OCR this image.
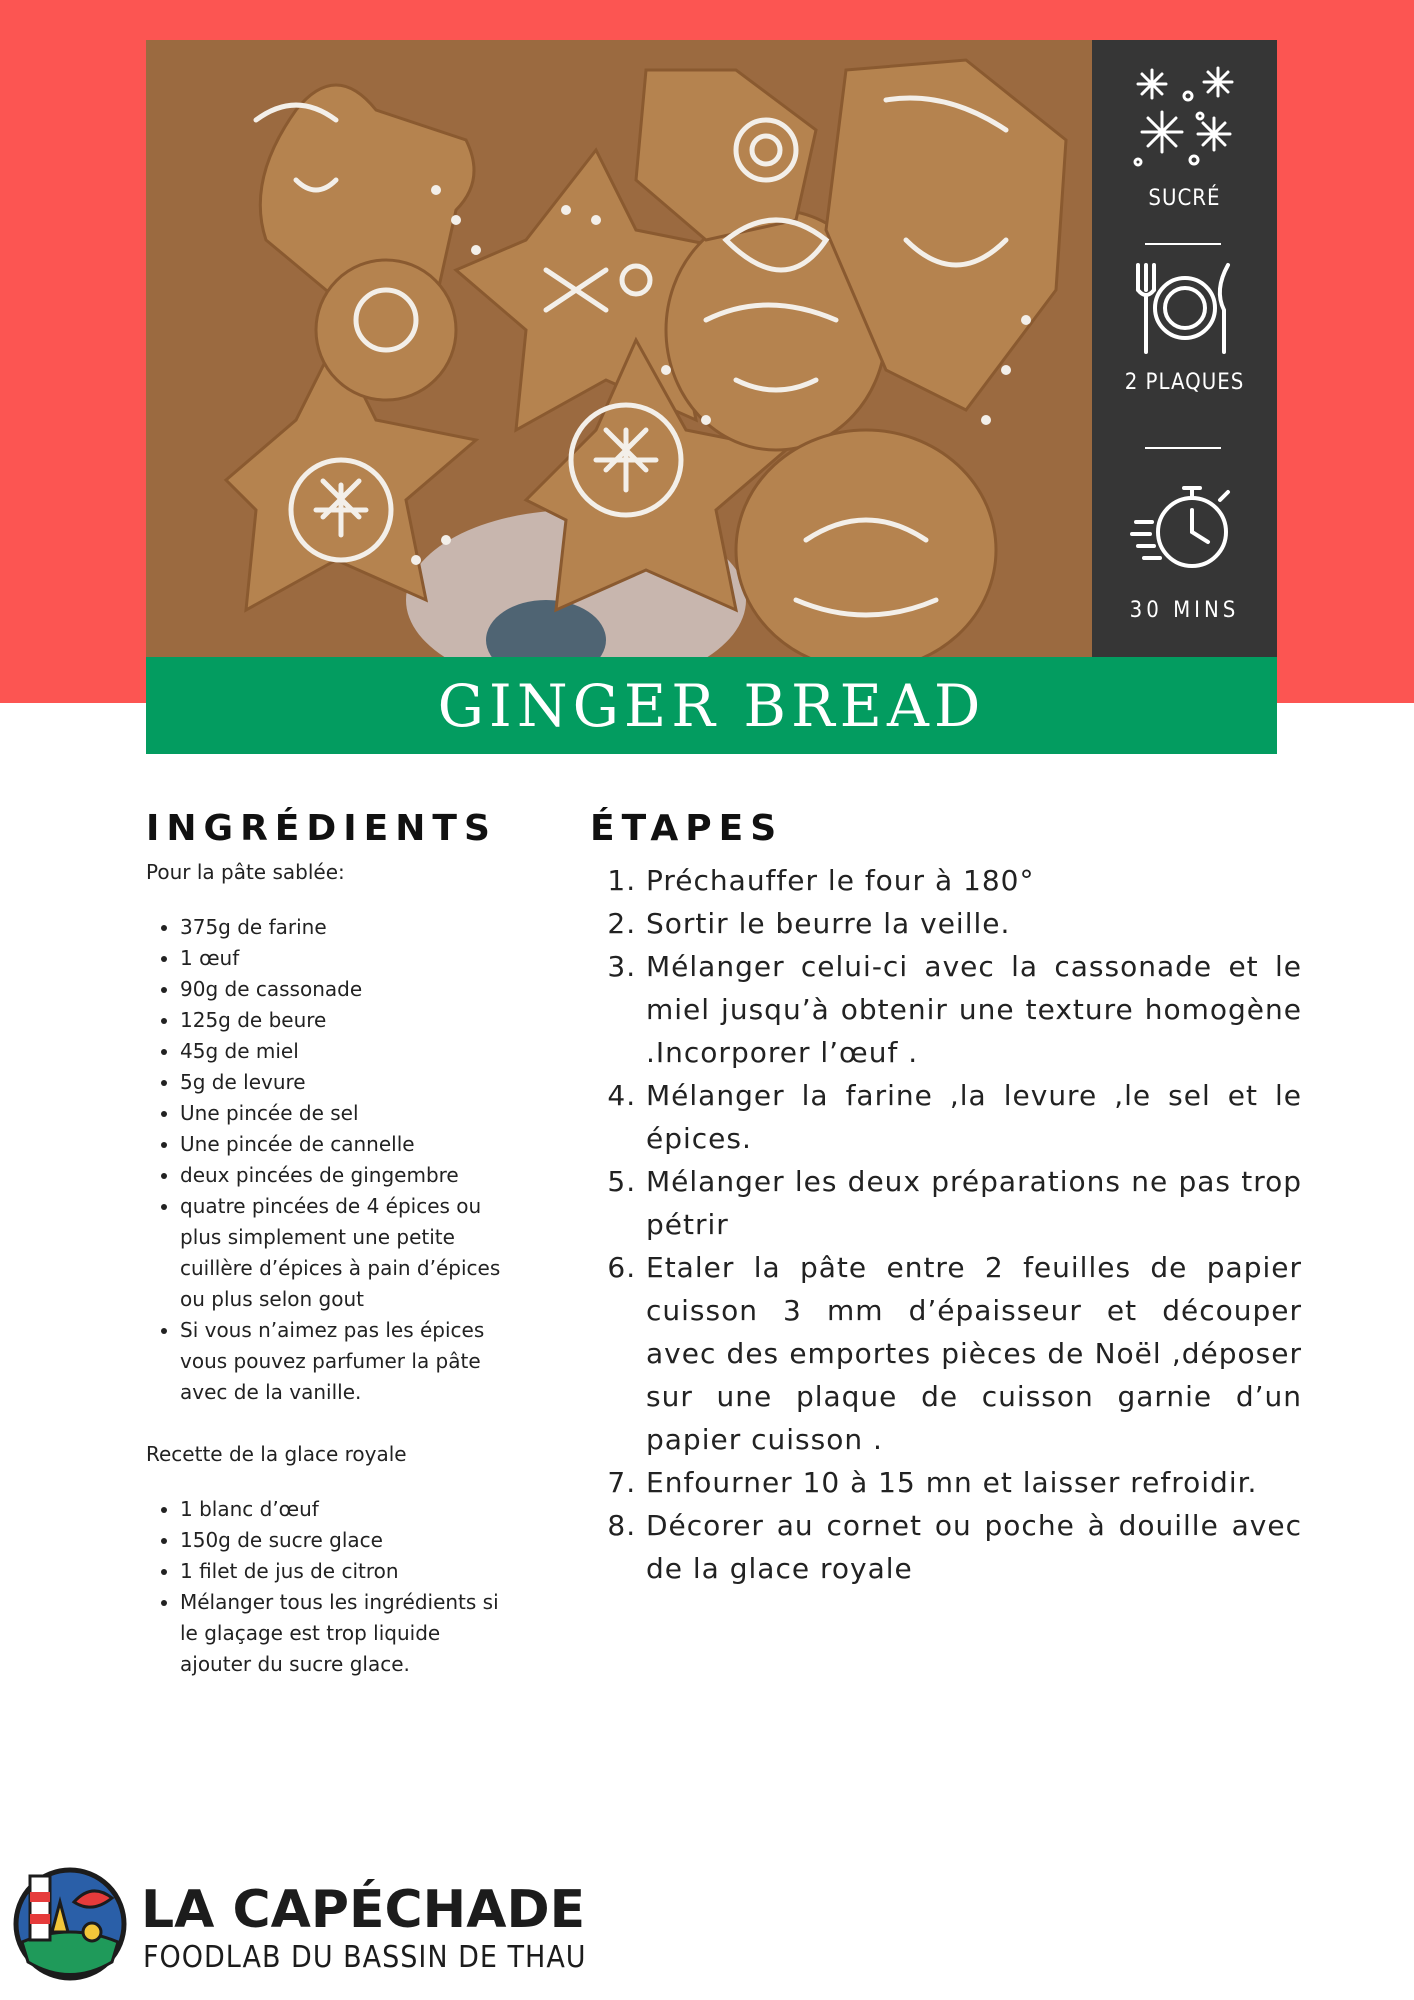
SUCRÉ
2 PLAQUES
30 MINS
GINGER BREAD
INGRÉDIENTS

Pour la pâte sablée:

• 375g de farine
• 1 œuf
• 90g de cassonade
• 125g de beure
• 45g de miel
• 5g de levure
• Une pincée de sel
• Une pincée de cannelle
• deux pincées de gingembre
• quatre pincées de 4 épices ou plus simplement une petite cuillère d’épices à pain d’épices ou plus selon gout
• Si vous n’aimez pas les épices vous pouvez parfumer la pâte avec de la vanille.

Recette de la glace royale

• 1 blanc d’œuf
• 150g de sucre glace
• 1 filet de jus de citron
• Mélanger tous les ingrédients si le glaçage est trop liquide ajouter du sucre glace.
ÉTAPES
1. Préchauffer le four à 180°
2. Sortir le beurre la veille.
3. Mélanger celui-ci avec la cassonade et le miel jusqu’à obtenir une texture homogène .Incorporer l’œuf .
4. Mélanger la farine ,la levure ,le sel et le épices.
5. Mélanger les deux préparations ne pas trop pétrir
6. Etaler la pâte entre 2 feuilles de papier cuisson 3 mm d’épaisseur et découper avec des emportes pièces de Noël ,déposer sur une plaque de cuisson garnie d’un papier cuisson .
7. Enfourner 10 à 15 mn et laisser refroidir.
8. Décorer au cornet ou poche à douille avec de la glace royale
LA CAPÉCHADE
FOODLAB DU BASSIN DE THAU
